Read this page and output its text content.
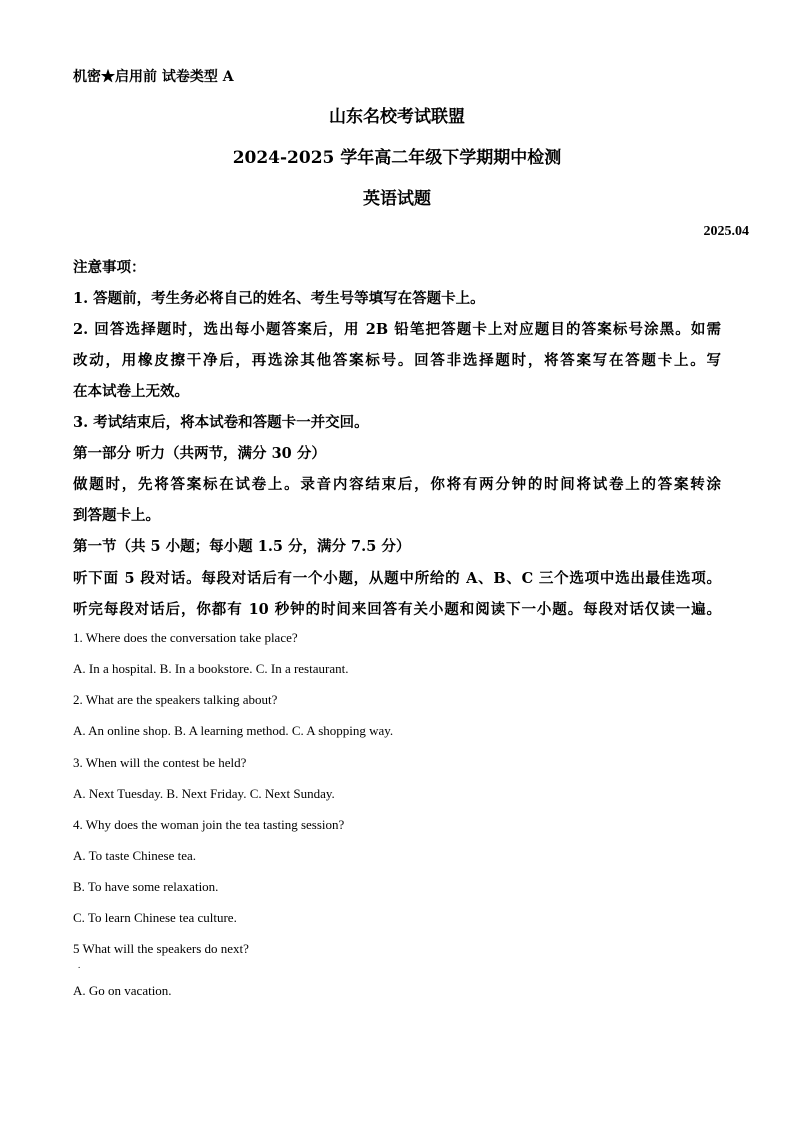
机密★启用前 试卷类型 A
山东名校考试联盟
2024-2025 学年高二年级下学期期中检测
英语试题
2025.04
注意事项：
1. 答题前，考生务必将自己的姓名、考生号等填写在答题卡上。
2. 回答选择题时，选出每小题答案后，用 2B 铅笔把答题卡上对应题目的答案标号涂黑。如需
改动，用橡皮擦干净后，再选涂其他答案标号。回答非选择题时，将答案写在答题卡上。写
在本试卷上无效。
3. 考试结束后，将本试卷和答题卡一并交回。
第一部分 听力（共两节，满分 30 分）
做题时，先将答案标在试卷上。录音内容结束后，你将有两分钟的时间将试卷上的答案转涂
到答题卡上。
第一节（共 5 小题；每小题 1.5 分，满分 7.5 分）
听下面 5 段对话。每段对话后有一个小题，从题中所给的 A、B、C 三个选项中选出最佳选项。
听完每段对话后，你都有 10 秒钟的时间来回答有关小题和阅读下一小题。每段对话仅读一遍。
1. Where does the conversation take place?
A. In a hospital. B. In a bookstore. C. In a restaurant.
2. What are the speakers talking about?
A. An online shop. B. A learning method. C. A shopping way.
3. When will the contest be held?
A. Next Tuesday. B. Next Friday. C. Next Sunday.
4. Why does the woman join the tea tasting session?
A. To taste Chinese tea.
B. To have some relaxation.
C. To learn Chinese tea culture.
5 What will the speakers do next?
.
A. Go on vacation.
